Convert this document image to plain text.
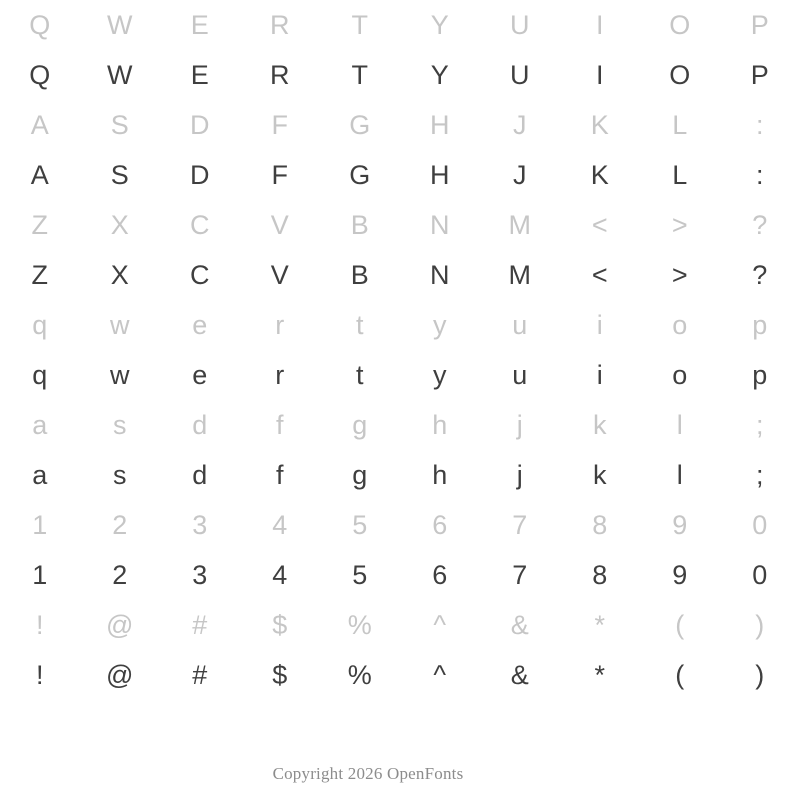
Q W E R T Y U I O P
Q W E R T Y U I O P
A S D F G H J K L	:
A S D F G H J K L	:
Z X C V B N M < > ?
Z X C V B N M < > ?
q w e r	t	y u	i	o p
q w e r	t	y u	i	o p
a s d	f	g h	j	k	l	;
a s d	f	g h	j	k	l	;
1 2 3 4 5 6 7 8 9 0
1 2 3 4 5 6 7 8 9 0
! @ # $ % ^ & *	(	)
! @ # $ % ^ & *	(	)
Copyright 2026 OpenFonts
